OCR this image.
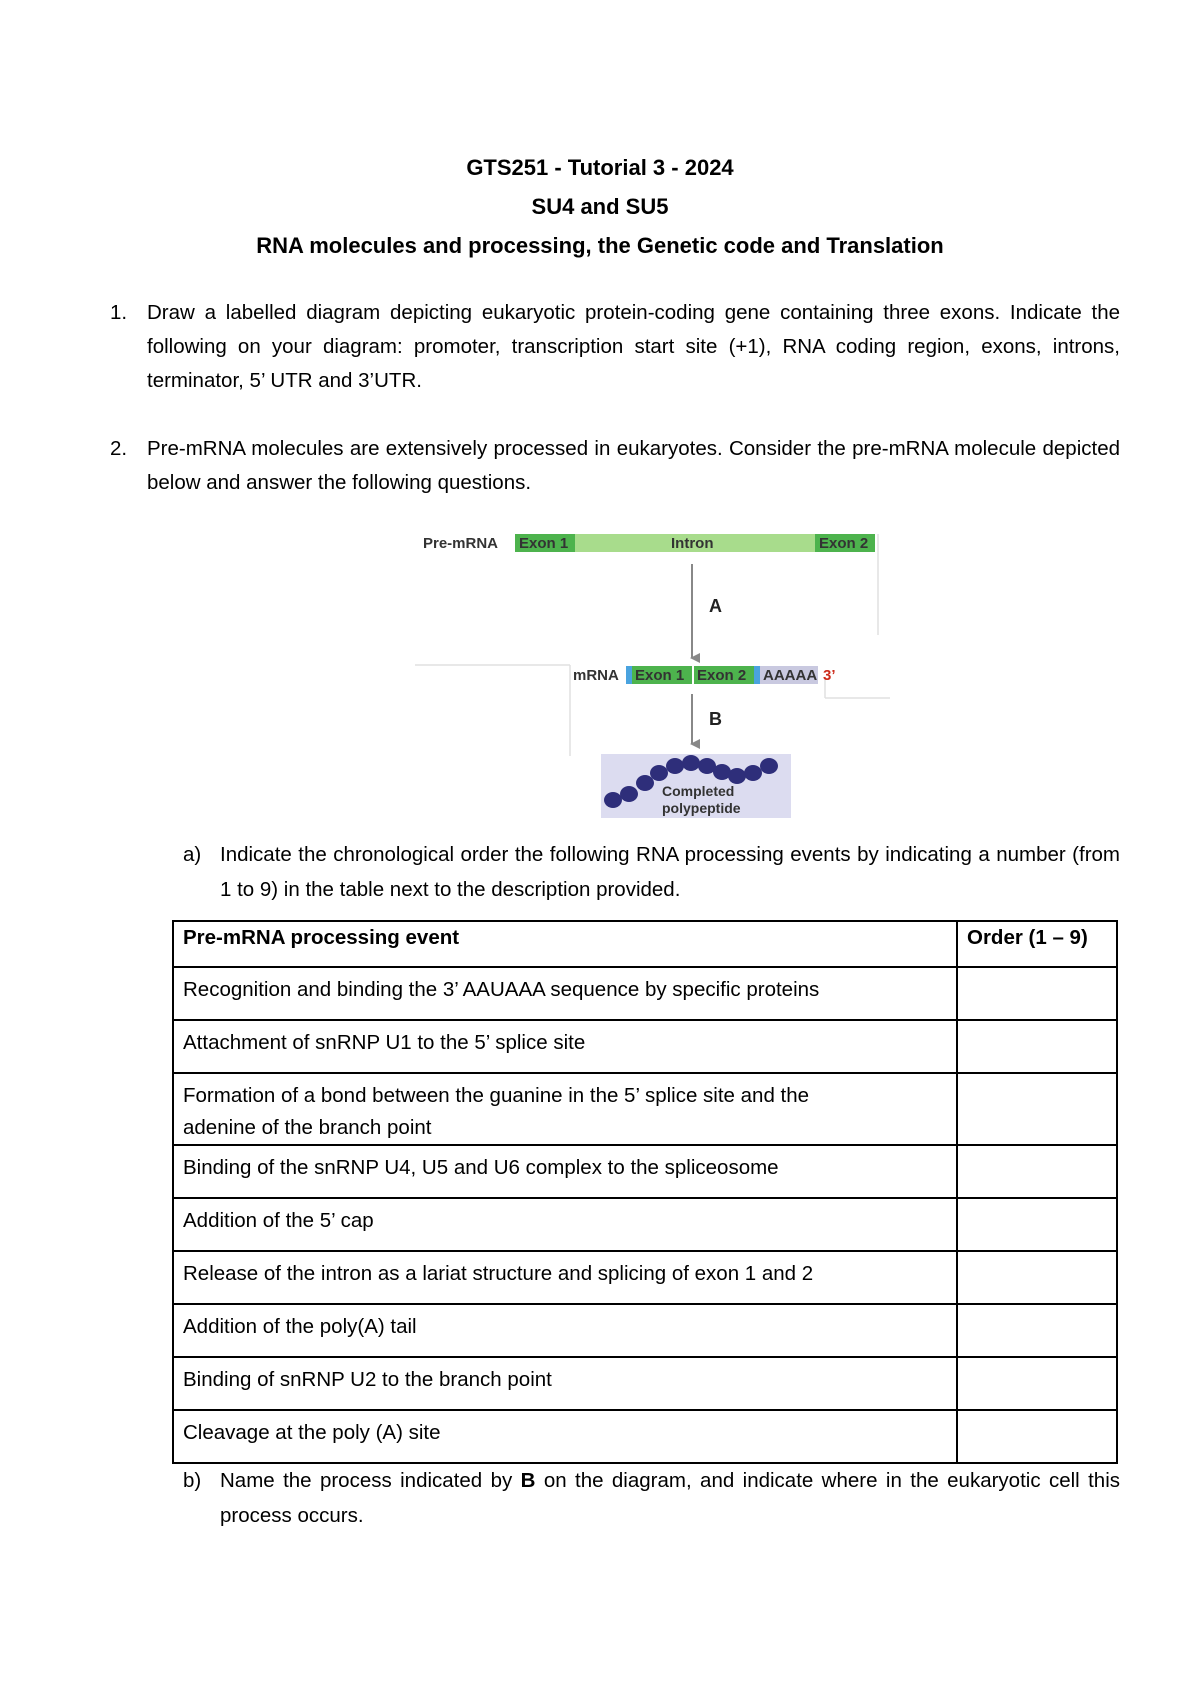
GTS251 - Tutorial 3 - 2024
SU4 and SU5
RNA molecules and processing, the Genetic code and Translation
1. Draw a labelled diagram depicting eukaryotic protein-coding gene containing three exons. Indicate the following on your diagram: promoter, transcription start site (+1), RNA coding region, exons, introns, terminator, 5’ UTR and 3’UTR.
2. Pre-mRNA molecules are extensively processed in eukaryotes. Consider the pre-mRNA molecule depicted below and answer the following questions.
Pre-mRNA Exon 1	Intron	Exon 2
A
mRNA Exon 1 Exon 2 AAAAA 3’
B
Completed
polypeptide
a) Indicate the chronological order the following RNA processing events by indicating a number (from 1 to 9) in the table next to the description provided.
Pre-mRNA processing event	Order (1 – 9)
Recognition and binding the 3’ AAUAAA sequence by specific proteins	
Attachment of snRNP U1 to the 5’ splice site	

Formation of a bond between the guanine in the 5’ splice site and the adenine of the branch point	

Binding of the snRNP U4, U5 and U6 complex to the spliceosome	
Addition of the 5’ cap	
Release of the intron as a lariat structure and splicing of exon 1 and 2	
Addition of the poly(A) tail	
Binding of snRNP U2 to the branch point	
Cleavage at the poly (A) site	
b) Name the process indicated by B on the diagram, and indicate where in the eukaryotic cell this process occurs.
